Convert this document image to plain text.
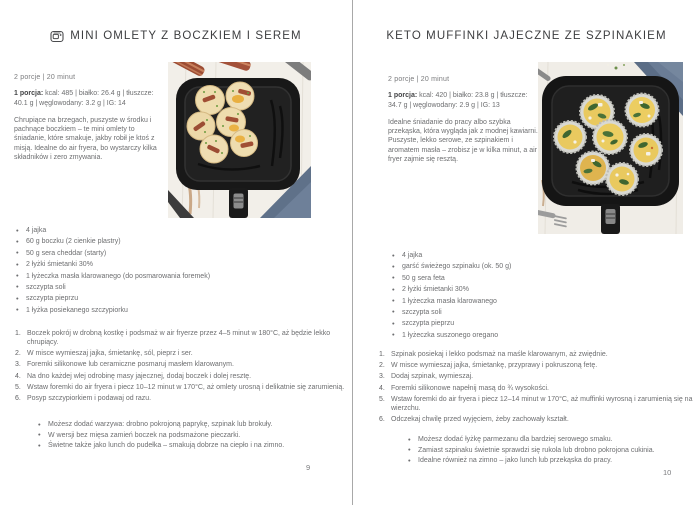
MINI OMLETY Z BOCZKIEM I SEREM

2 porcje | 20 minut

1 porcja: kcal: 485 | białko: 26.4 g | tłuszcze: 40.1 g | węglowodany: 3.2 g | IG: 14

Chrupiące na brzegach, puszyste w środku i pachnące boczkiem – te mini omlety to śniadanie, które smakuje, jakby robił je ktoś z misją. Idealne do air fryera, bo wystarczy kilka składników i zero zmywania.

• 4 jajka
• 60 g boczku (2 cienkie plastry)
• 50 g sera cheddar (starty)
• 2 łyżki śmietanki 30%
• 1 łyżeczka masła klarowanego (do posmarowania foremek)
• szczypta soli
• szczypta pieprzu
• 1 łyżka posiekanego szczypiorku
Boczek pokrój w drobną kostkę i podsmaż w air fryerze przez 4–5 minut w 180°C, aż będzie lekko chrupiący.
W misce wymieszaj jajka, śmietankę, sól, pieprz i ser.
Foremki silikonowe lub ceramiczne posmaruj masłem klarowanym.
Na dno każdej wlej odrobinę masy jajecznej, dodaj boczek i dolej resztę.
Wstaw foremki do air fryera i piecz 10–12 minut w 170°C, aż omlety urosną i delikatnie się zarumienią.
Posyp szczypiorkiem i podawaj od razu.
• Możesz dodać warzywa: drobno pokrojoną paprykę, szpinak lub brokuły.
• W wersji bez mięsa zamień boczek na podsmażone pieczarki.
• Świetne także jako lunch do pudełka – smakują dobrze na ciepło i na zimno.
9
KETO MUFFINKI JAJECZNE ZE SZPINAKIEM

2 porcje | 20 minut

1 porcja: kcal: 420 | białko: 23.8 g | tłuszcze: 34.7 g | węglowodany: 2.9 g | IG: 13

Idealne śniadanie do pracy albo szybka przekąska, która wygląda jak z modnej kawiarni. Puszyste, lekko serowe, ze szpinakiem i aromatem masła – zrobisz je w kilka minut, a air fryer zajmie się resztą.

• 4 jajka
• garść świeżego szpinaku (ok. 50 g)
• 50 g sera feta
• 2 łyżki śmietanki 30%
• 1 łyżeczka masła klarowanego
• szczypta soli
• szczypta pieprzu
• 1 łyżeczka suszonego oregano
Szpinak posiekaj i lekko podsmaż na maśle klarowanym, aż zwiędnie.
W misce wymieszaj jajka, śmietankę, przyprawy i pokruszoną fetę.
Dodaj szpinak, wymieszaj.
Foremki silikonowe napełnij masą do ¾ wysokości.
Wstaw foremki do air fryera i piecz 12–14 minut w 170°C, aż muffinki wyrosną i zarumienią się na wierzchu.
Odczekaj chwilę przed wyjęciem, żeby zachowały kształt.
• Możesz dodać łyżkę parmezanu dla bardziej serowego smaku.
• Zamiast szpinaku świetnie sprawdzi się rukola lub drobno pokrojona cukinia.
• Idealne również na zimno – jako lunch lub przekąska do pracy.
10
